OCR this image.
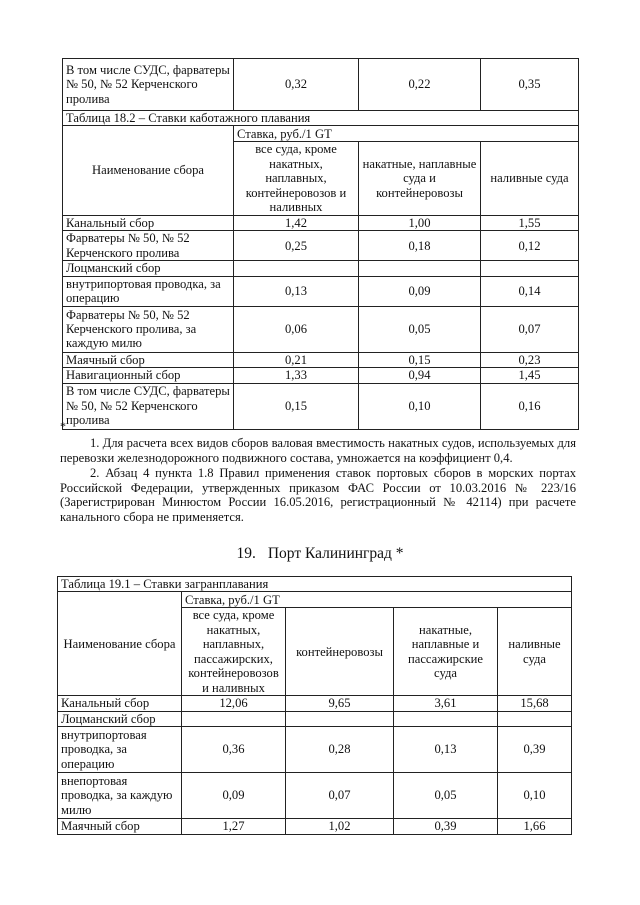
В том числе СУДС, фарватеры № 50, № 52 Керченского пролива	0,32	0,22	0,35
Таблица 18.2 – Ставки каботажного плавания			
Наименование сбора	Ставка, руб./1 GT		
	все суда, кроме накатных, наплавных, контейнеровозов и наливных	накатные, наплавные суда и контейнеровозы	наливные суда
Канальный сбор	1,42	1,00	1,55
Фарватеры № 50, № 52 Керченского пролива	0,25	0,18	0,12
Лоцманский сбор			
внутрипортовая проводка, за операцию	0,13	0,09	0,14
Фарватеры № 50, № 52 Керченского пролива, за каждую милю	0,06	0,05	0,07
Маячный сбор	0,21	0,15	0,23
Навигационный сбор	1,33	0,94	1,45
В том числе СУДС, фарватеры № 50, № 52 Керченского пролива	0,15	0,10	0,16
*

1. Для расчета всех видов сборов валовая вместимость накатных судов, используемых для перевозки железнодорожного подвижного состава, умножается на коэффициент 0,4.

2. Абзац 4 пункта 1.8 Правил применения ставок портовых сборов в морских портах Российской Федерации, утвержденных приказом ФАС России от 10.03.2016 № 223/16 (Зарегистрирован Минюстом России 16.05.2016, регистрационный № 42114) при расчете канального сбора не применяется.

19. Порт Калининград *
Таблица 19.1 – Ставки загранплавания				
Наименование сбора	Ставка, руб./1 GT			
	все суда, кроме накатных, наплавных, пассажирских, контейнеровозов и наливных	контейнеровозы	накатные, наплавные и пассажирские суда	наливные суда
Канальный сбор	12,06	9,65	3,61	15,68
Лоцманский сбор				
внутрипортовая проводка, за операцию	0,36	0,28	0,13	0,39
внепортовая проводка, за каждую милю	0,09	0,07	0,05	0,10
Маячный сбор	1,27	1,02	0,39	1,66
